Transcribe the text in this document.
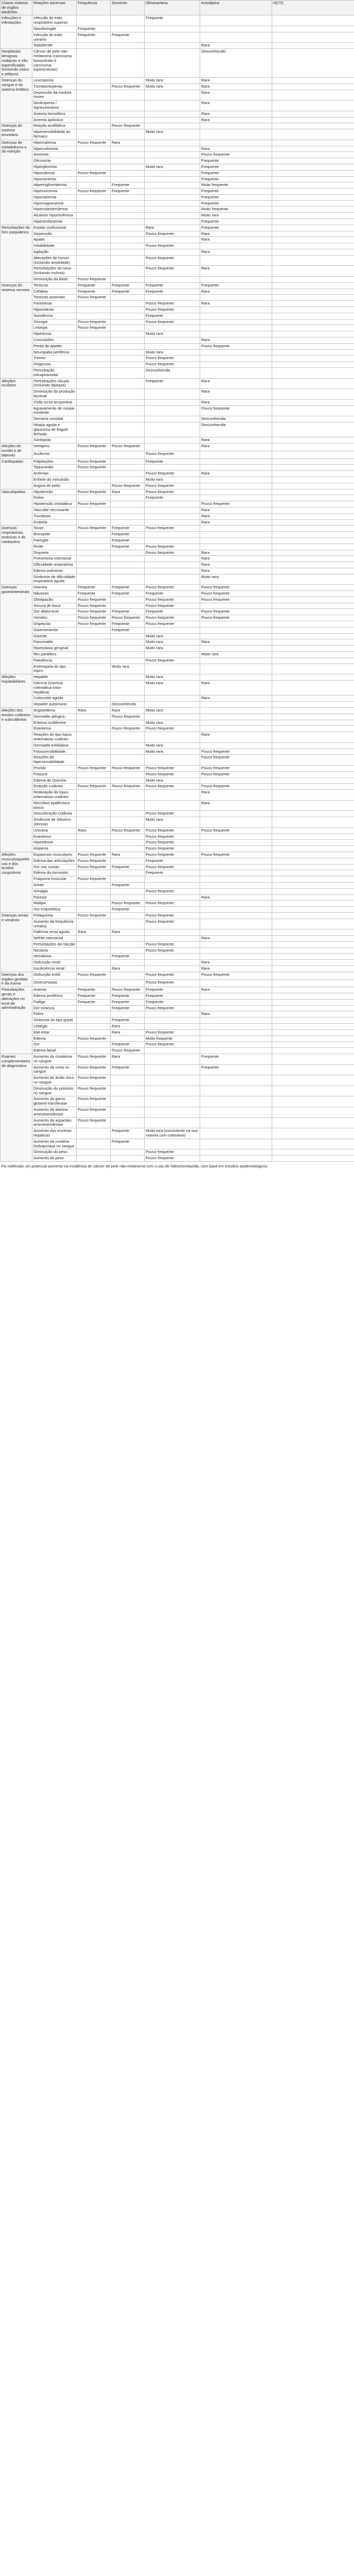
Classe sistema de órgãos MedDRA	Reações adversas	Frequência	Somente	Olmesartana	Anlodipina	HCTZ
Infecções e infestações	Infecção do trato respiratório superior			Frequente		
	Nasofaringite	Frequente				
	Infecção do trato urinário	Frequente	Frequente			
	Sialadenite				Rara	
Neoplasias benignas, malignas e não especificadas (incluindo cistos e pólipos)	Câncer de pele não-melanoma (carcinoma basocelular e carcinoma espinocelular)				Desconhecido	
Doenças do sangue e do sistema linfático	Leucopenia			Muito rara	Rara	
	Trombocitopenia		Pouco frequente	Muito rara	Rara	
	Depressão da medula óssea				Rara	
	Neutropenia / Agranulocitose				Rara	
	Anemia hemolítica				Rara	
	Anemia aplástica				Rara	
Doenças do sistema imunitário	Reação anafilática		Pouco frequente			
	Hipersensibilidade ao fármaco			Muito rara		
Doenças do metabolismo e da nutrição	Hipercalemia	Pouco frequente	Rara			
	Hipercalcemia				Rara	
	Anorexia				Pouco frequente	
	Glicosúria				Frequente	
	Hiperglicemia			Muito rara	Frequente	
	Hipocalemia	Pouco frequente			Frequente	
	Hipocloremia				Frequente	
	Hipertrigliceridemia		Frequente		Muito frequente	
	Hiperuricemia	Pouco frequente	Frequente		Frequente	
	Hiponatremia				Frequente	
	Hipomagnesemia				Frequente	
	Hipercolesterolemia				Muito frequente	
	Alcalose hipoclorêmica				Muito rara	
	Hiperamilasemia				Frequente	
Perturbações do foro psiquiátrico	Estado confusional			Rara	Frequente	
	Depressão			Pouco frequente	Rara	
	Apatia				Rara	
	Irritabilidade			Pouco frequente		
	Agitação				Rara	
	Alterações de humor (incluindo ansiedade)			Pouco frequente		
	Perturbações do sono (incluindo insônia)			Pouco frequente	Rara	
	Diminuição da libido	Pouco frequente				
Doenças do sistema nervoso	Tonturas	Frequente	Frequente	Frequente	Frequente	
	Cefaleia	Frequente	Frequente	Frequente	Rara	
	Tonturas posturais	Pouco frequente				
	Parestesia			Pouco frequente	Rara	
	Hipoestesia			Pouco frequente		
	Sonolência			Frequente		
	Síncope	Pouco frequente		Pouco frequente		
	Letargia	Pouco frequente				
	Hipertonia			Muito rara		
	Convulsões				Rara	
	Perda de apetite				Pouco frequente	
	Neuropatia periférica			Muito rara		
	Tremor			Pouco frequente		
	Disgeusia			Pouco frequente		
	Perturbação extrapiramidal			Desconhecida		
Afeções oculares	Perturbações visuais (incluindo diplopia)			Frequente	Rara	
	Diminuição da produção lacrimal				Rara	
	Visão turva temporária				Rara	
	Agravamento de miopia existente				Pouco frequente	
	Derrame coroidal				Desconhecida	
	Miopia aguda e glaucoma de ângulo fechado				Desconhecida	
	Xantopsia				Rara	
Afeções do ouvido e do labirinto	Vertigens	Pouco frequente	Pouco frequente		Rara	
	Acufenos			Pouco frequente		
Cardiopatias	Palpitações	Pouco frequente		Frequente		
	Taquicardia	Pouco frequente				
	Arritmias			Pouco frequente	Rara	
	Enfarte do miocárdio			Muito rara		
	Angina de peito		Pouco frequente	Pouco frequente		
Vasculopatias	Hipotensão	Pouco frequente	Rara	Pouco frequente		
	Rubor			Frequente		
	Hipotensão ortostática	Pouco frequente			Pouco frequente	
	Vasculite necrosante				Rara	
	Trombose				Rara	
	Embolia				Rara	
Doenças respiratórias, torácicas e do mediastino	Tosse	Pouco frequente	Frequente	Pouco frequente		
	Bronquite		Frequente			
	Faringite		Frequente			
	Rinite		Frequente	Pouco frequente		
	Dispneia			Pouco frequente	Rara	
	Pneumonia intersticial				Rara	
	Dificuldade respiratória				Rara	
	Edema pulmonar				Rara	
	Síndrome de dificuldade respiratória aguda				Muito rara	
Doenças gastrointestinais	Diarreia	Frequente	Frequente	Pouco frequente	Pouco frequente	
	Náuseas	Frequente	Frequente	Frequente	Pouco frequente	
	Obstipação	Pouco frequente		Pouco frequente	Pouco frequente	
	Secura de boca	Pouco frequente		Pouco frequente		
	Dor abdominal	Pouco frequente	Frequente	Frequente	Pouco frequente	
	Vómitos	Pouco frequente	Pouco frequente	Pouco frequente	Pouco frequente	
	Dispepsia	Pouco frequente	Frequente	Pouco frequente		
	Gastroenterite		Frequente			
	Gastrite			Muito rara		
	Pancreatite			Muito rara	Rara	
	Hiperplasia gengival			Muito rara		
	Íleo paralítico				Muito rara	
	Flatulência			Pouco frequente		
	Enteropatia do tipo espru		Muito rara			
Afeções hepatobiliares	Hepatite			Muito rara		
	Icterícia (icterícia colestática intra-hepática)			Muito rara	Rara	
	Colecistite aguda				Rara	
	Hepatite autoimune		Desconhecido			
Afeções dos tecidos cutâneos e subcutâneos	Angioedema	Rara	Rara	Muito rara		
	Dermatite alérgica		Pouco frequente			
	Eritema multiforme			Muito rara		
	Exantema		Pouco frequente	Pouco frequente		
	Reações do tipo lúpus eritematoso cutâneo				Rara	
	Dermatite exfoliativa			Muito rara		
	Fotossensibilidade			Muito rara	Pouco frequente	
	Reações de hipersensibilidade				Pouco frequente	
	Prurido	Pouco frequente	Pouco frequente	Pouco frequente	Pouco frequente	
	Púrpura			Pouco frequente	Pouco frequente	
	Edema de Quincke			Muito rara		
	Erupção cutânea	Pouco frequente	Pouco frequente	Pouco frequente	Pouco frequente	
	Reativação do lúpus eritematoso cutâneo				Rara	
	Necrólise epidérmica tóxica				Rara	
	Descoloração cutânea			Pouco frequente		
	Síndrome de Stevens-Johnson			Muito rara		
	Urticária	Rara	Pouco frequente	Pouco frequente	Pouco frequente	
	Exantema			Pouco frequente		
	Hiperidrose			Pouco frequente		
	Alopecia			Pouco frequente		
Afeções musculosqueléticas e dos tecidos conjuntivos	Espasmos musculares	Pouco frequente	Rara	Pouco frequente	Pouco frequente	
	Edema das articulações	Pouco frequente		Frequente		
	Dor nas costas	Pouco frequente	Frequente	Pouco frequente		
	Edema do tornozelo			Frequente		
	Fraqueza muscular	Pouco frequente				
	Artrite		Frequente			
	Artralgia			Pouco frequente		
	Paresia				Rara	
	Mialgia		Pouco frequente	Pouco frequente		
	Dor esquelética		Frequente			
Doenças renais e urinárias	Polaquiúria	Pouco frequente		Pouco frequente		
	Aumento da frequência urinária			Pouco frequente		
	Falência renal aguda	Rara	Rara			
	Nefrite intersticial				Rara	
	Perturbações da micção			Pouco frequente		
	Noctúria			Pouco frequente		
	Hematúria		Frequente			
	Disfunção renal				Rara	
	Insuficiência renal		Rara		Rara	
Doenças dos órgãos genitais e da mama	Disfunção erétil	Pouco frequente		Pouco frequente	Pouco frequente	
	Ginecomastia			Pouco frequente		
Perturbações gerais e alterações no local de administração	Astenia	Frequente	Pouco frequente	Frequente	Rara	
	Edema periférico	Frequente	Frequente	Frequente		
	Fadiga	Frequente	Frequente	Frequente		
	Dor torácica		Frequente	Pouco frequente		
	Febre				Rara	
	Sintomas do tipo gripal		Frequente			
	Letargia		Rara			
	Mal-estar		Rara	Pouco frequente		
	Edema	Pouco frequente		Muito frequente		
	Dor		Frequente	Pouco frequente		
	Edema facial		Pouco frequente			
Exames complementares de diagnóstico	Aumento da creatinina no sangue	Pouco frequente	Rara		Frequente	
	Aumento da ureia no sangue	Pouco frequente	Frequente		Frequente	
	Aumento do ácido úrico no sangue	Pouco frequente				
	Diminuição do potássio no sangue	Pouco frequente				
	Aumento da gama glutamil transferase	Pouco frequente				
	Aumento da alanina aminotransferase	Pouco frequente				
	Aumento da aspartato aminotransferase	Pouco frequente				
	Aumento das enzimas hepáticas		Frequente	Muito rara (consistente na sua maioria com colestase)		
	Aumento da creatina fosfoquinase no sangue		Frequente			
	Diminuição do peso			Pouco frequente		
	Aumento do peso			Pouco frequente		
Foi notificado um potencial aumento na incidência de câncer de pele não-melanoma com o uso de hidroclorotiazida, com base em estudos epidemiológicos.
